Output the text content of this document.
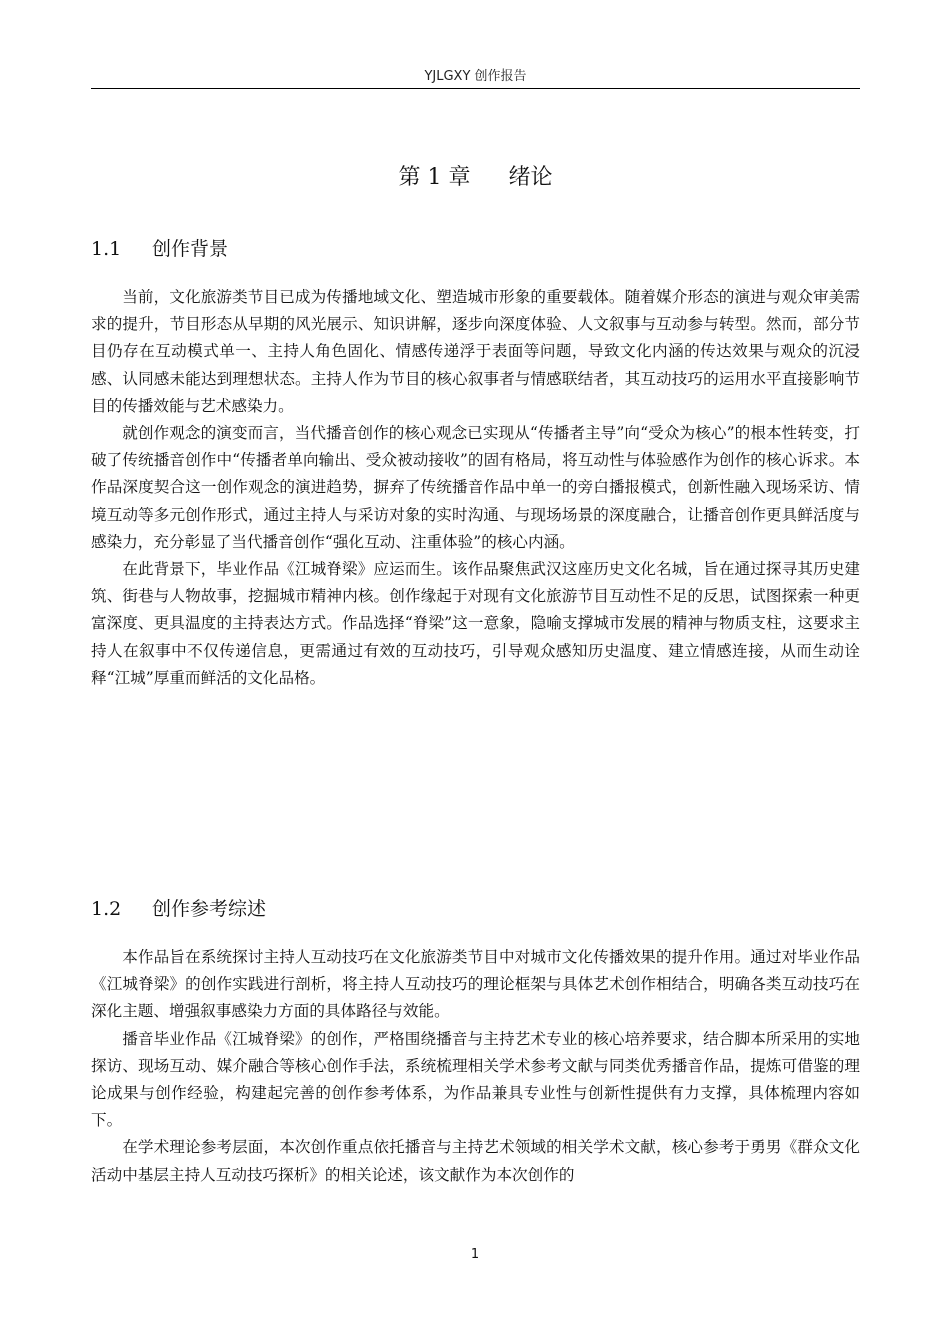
YJLGXY 创作报告
第 1 章 绪论
1.1 创作背景

当前，文化旅游类节目已成为传播地域文化、塑造城市形象的重要载体。随着媒介形态的演进与观众审美需求的提升，节目形态从早期的风光展示、知识讲解，逐步向深度体验、人文叙事与互动参与转型。然而，部分节目仍存在互动模式单一、主持人角色固化、情感传递浮于表面等问题，导致文化内涵的传达效果与观众的沉浸感、认同感未能达到理想状态。主持人作为节目的核心叙事者与情感联结者，其互动技巧的运用水平直接影响节目的传播效能与艺术感染力。

就创作观念的演变而言，当代播音创作的核心观念已实现从“传播者主导”向“受众为核心”的根本性转变，打破了传统播音创作中“传播者单向输出、受众被动接收”的固有格局，将互动性与体验感作为创作的核心诉求。本作品深度契合这一创作观念的演进趋势，摒弃了传统播音作品中单一的旁白播报模式，创新性融入现场采访、情境互动等多元创作形式，通过主持人与采访对象的实时沟通、与现场场景的深度融合，让播音创作更具鲜活度与感染力，充分彰显了当代播音创作“强化互动、注重体验”的核心内涵。

在此背景下，毕业作品《江城脊梁》应运而生。该作品聚焦武汉这座历史文化名城，旨在通过探寻其历史建筑、街巷与人物故事，挖掘城市精神内核。创作缘起于对现有文化旅游节目互动性不足的反思，试图探索一种更富深度、更具温度的主持表达方式。作品选择“脊梁”这一意象，隐喻支撑城市发展的精神与物质支柱，这要求主持人在叙事中不仅传递信息，更需通过有效的互动技巧，引导观众感知历史温度、建立情感连接，从而生动诠释“江城”厚重而鲜活的文化品格。

1.2 创作参考综述

本作品旨在系统探讨主持人互动技巧在文化旅游类节目中对城市文化传播效果的提升作用。通过对毕业作品《江城脊梁》的创作实践进行剖析，将主持人互动技巧的理论框架与具体艺术创作相结合，明确各类互动技巧在深化主题、增强叙事感染力方面的具体路径与效能。

播音毕业作品《江城脊梁》的创作，严格围绕播音与主持艺术专业的核心培养要求，结合脚本所采用的实地探访、现场互动、媒介融合等核心创作手法，系统梳理相关学术参考文献与同类优秀播音作品，提炼可借鉴的理论成果与创作经验，构建起完善的创作参考体系，为作品兼具专业性与创新性提供有力支撑，具体梳理内容如下。

在学术理论参考层面，本次创作重点依托播音与主持艺术领域的相关学术文献，核心参考于勇男《群众文化活动中基层主持人互动技巧探析》的相关论述，该文献作为本次创作的

1
